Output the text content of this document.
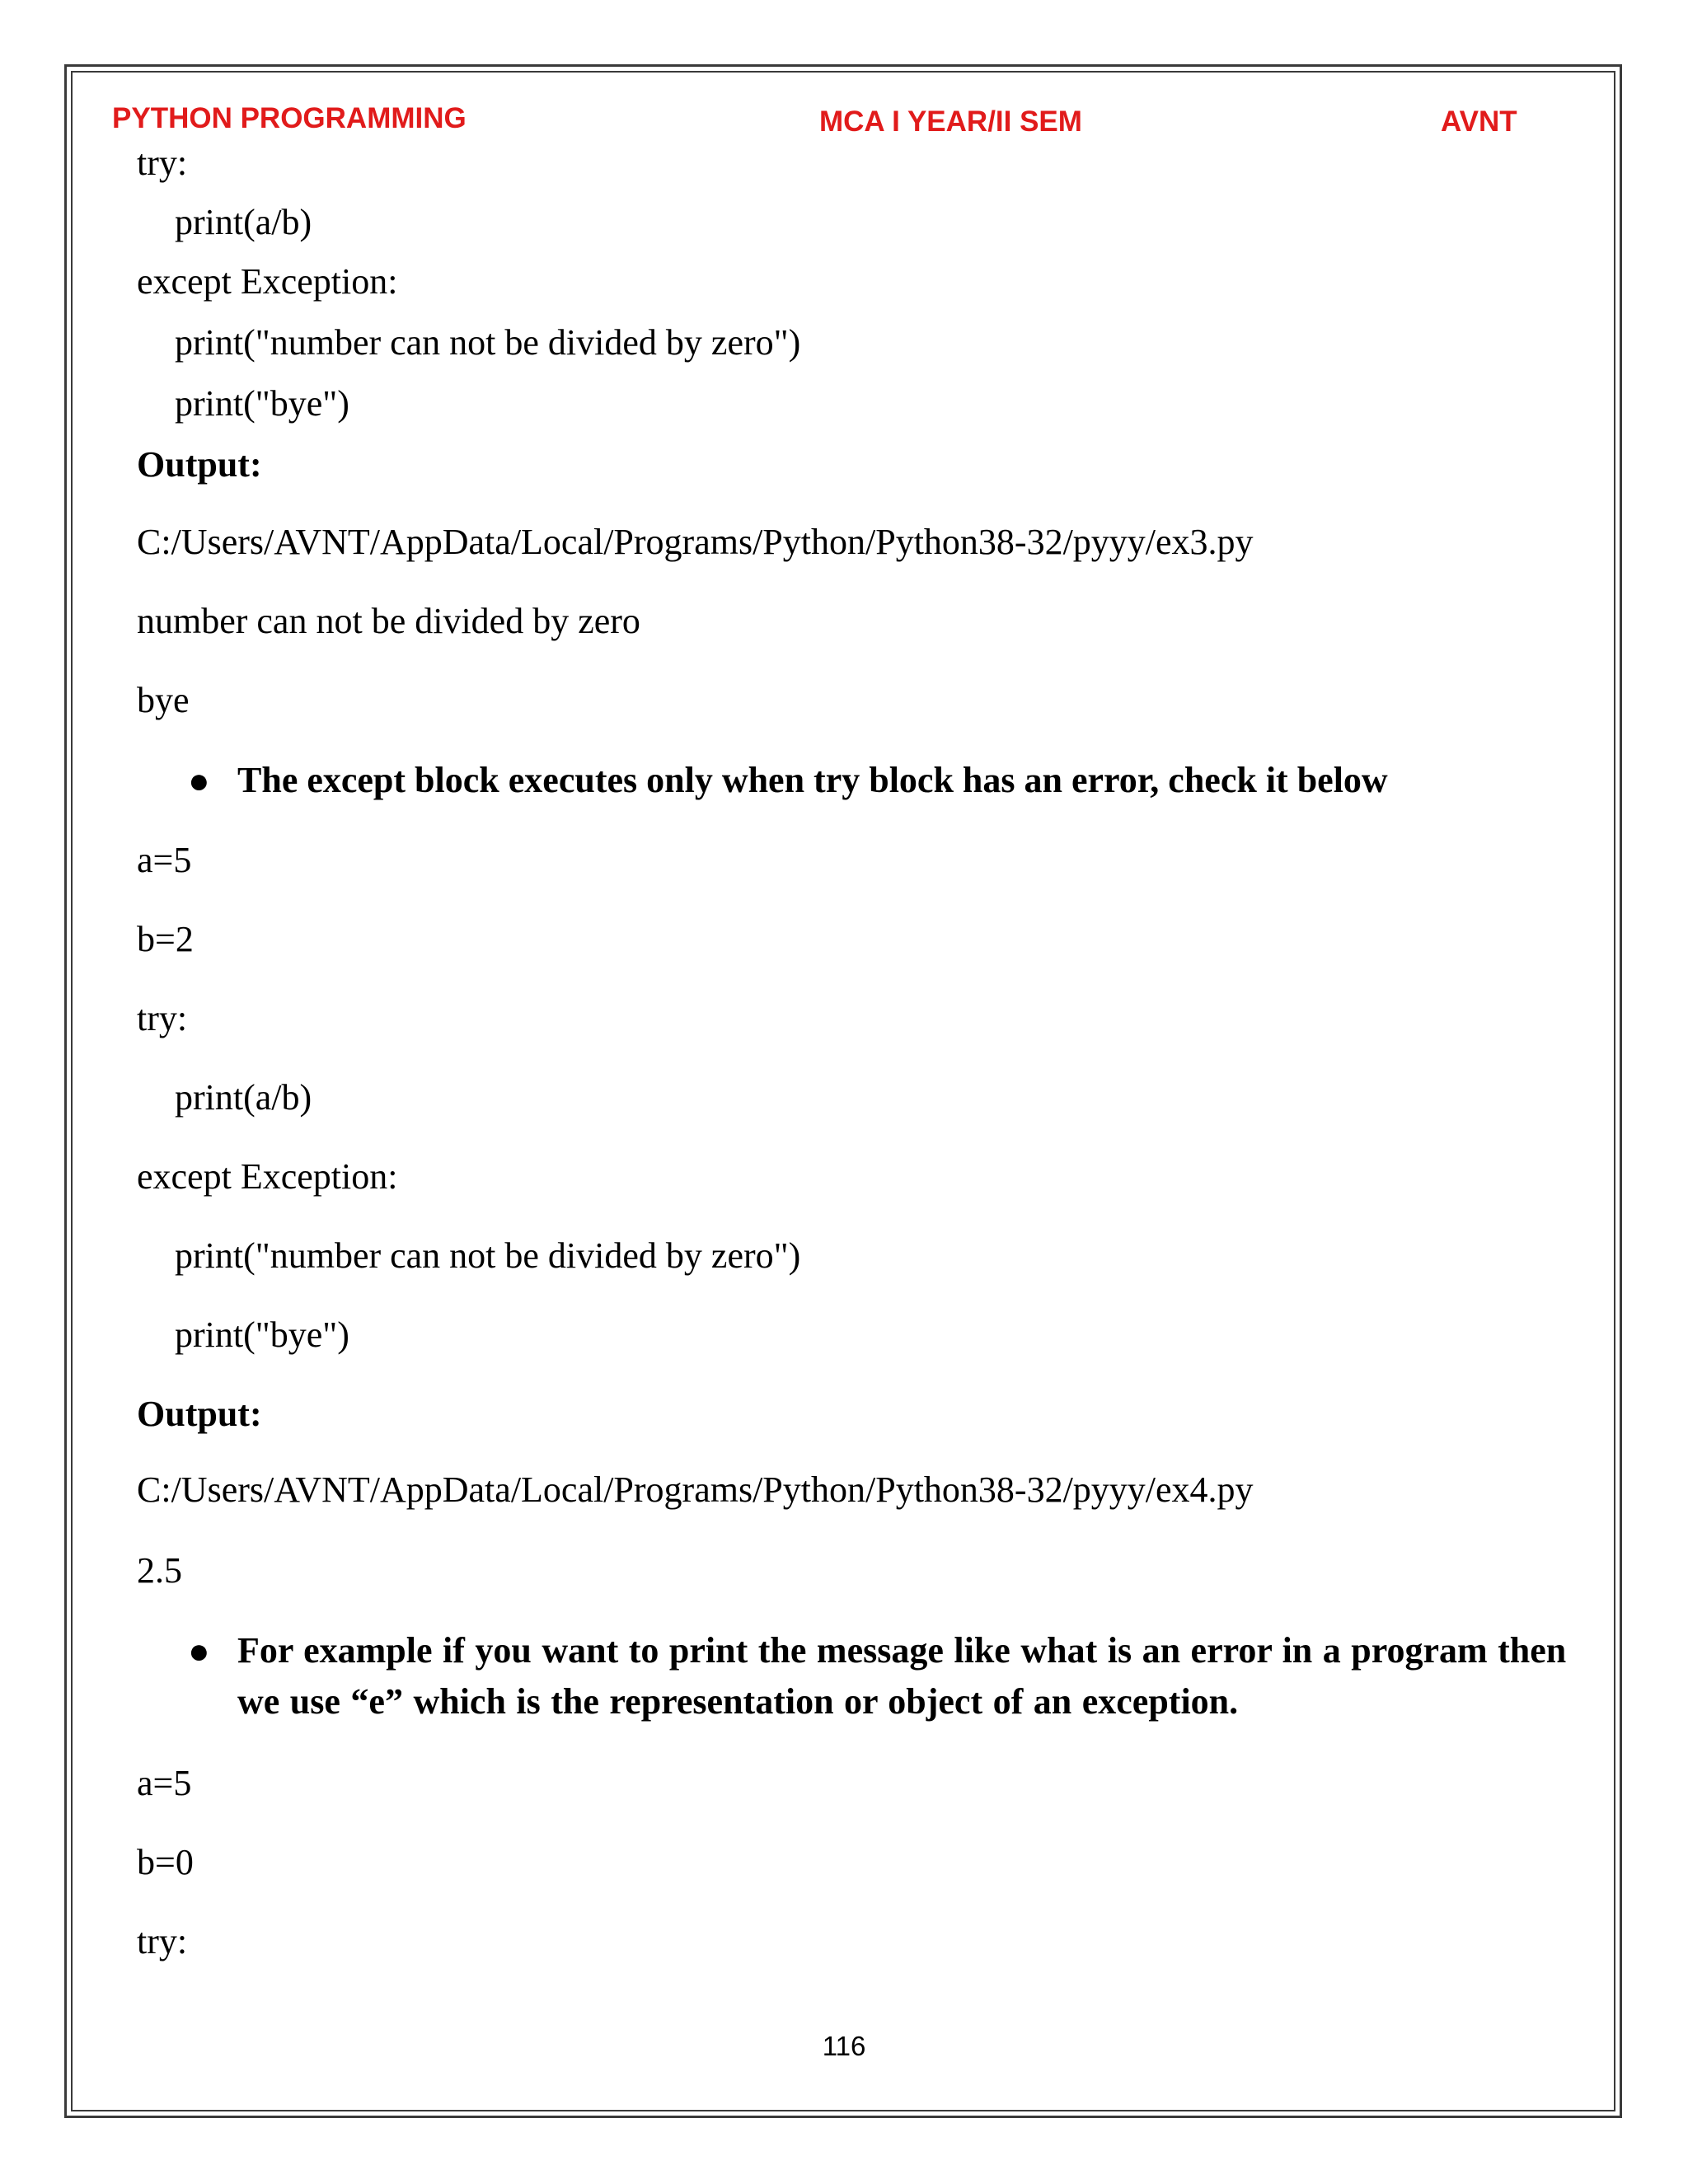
PYTHON PROGRAMMING	MCA I YEAR/II SEM	AVNT
try:
print(a/b)
except Exception:
print("number can not be divided by zero")
print("bye")
Output:
C:/Users/AVNT/AppData/Local/Programs/Python/Python38-32/pyyy/ex3.py
number can not be divided by zero
bye
● The except block executes only when try block has an error, check it below
a=5
b=2
try:
print(a/b)
except Exception:
print("number can not be divided by zero")
print("bye")
Output:
C:/Users/AVNT/AppData/Local/Programs/Python/Python38-32/pyyy/ex4.py
2.5
● For example if you want to print the message like what is an error in a program then we use “e” which is the representation or object of an exception.
a=5
b=0
try:
116
